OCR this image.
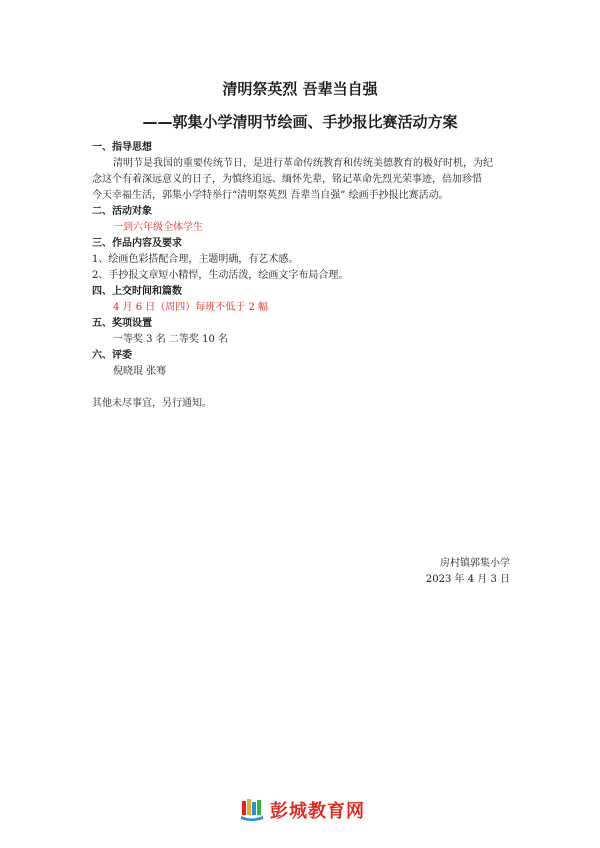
清明祭英烈 吾辈当自强
——郭集小学清明节绘画、手抄报比赛活动方案
一、指导思想
清明节是我国的重要传统节日，是进行革命传统教育和传统美德教育的极好时机，为纪
念这个有着深远意义的日子，为慎终追远、缅怀先辈，铭记革命先烈光荣事迹，倍加珍惜
今天幸福生活，郭集小学特举行“清明祭英烈 吾辈当自强” 绘画手抄报比赛活动。
二、活动对象
一到六年级全体学生
三、作品内容及要求
1、绘画色彩搭配合理，主题明确，有艺术感。
2、手抄报文章短小精悍，生动活泼，绘画文字布局合理。
四、上交时间和篇数
4 月 6 日（周四）每班不低于 2 幅
五、奖项设置
一等奖 3 名 二等奖 10 名
六、评委
倪晓琨 张骞
其他未尽事宜，另行通知。
房村镇郭集小学
2023 年 4 月 3 日
彭城教育网
